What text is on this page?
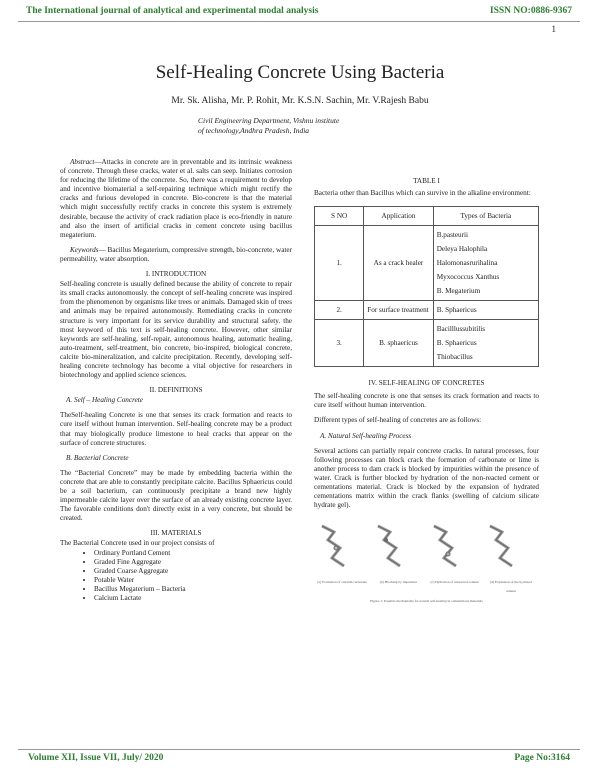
The International journal of analytical and experimental modal analysis	ISSN NO:0886-9367
1
Self-Healing Concrete Using Bacteria
Mr. Sk. Alisha, Mr. P. Rohit, Mr. K.S.N. Sachin, Mr. V.Rajesh Babu
Civil Engineering Department, Vishnu institute
of technology,Andhra Pradesh, India

Abstract—Attacks in concrete are in preventable and its intrinsic weakness of concrete. Through these cracks, water et al. salts can seep. Initiates corrosion for reducing the lifetime of the concrete. So, there was a requirement to develop and incentive biomaterial a self-repairing technique which might rectify the cracks and furious developed in concrete. Bio-concrete is that the material which might successfully rectify cracks in concrete this system is extremely desirable, because the activity of crack radiation place is eco-friendly in nature and also the insert of artificial cracks in cement concrete using bacillus megaterium.

Keywords— Bacillus Megaterium, compressive strength, bio-concrete, water permeability, water absorption.

I. INTRODUCTION

Self-healing concrete is usually defined because the ability of concrete to repair its small cracks autonomously. the concept of self-healing concrete was inspired from the phenomenon by organisms like trees or animals. Damaged skin of trees and animals may be repaired autonomously. Remediating cracks in concrete structure is very important for its service durability and structural safety. the most keyword of this text is self-healing concrete. However, other similar keywords are self-healing, self-repair, autonomous healing, automatic healing, auto-treatment, self-treatment, bio concrete, bio-inspired, biological concrete, calcite bio-mineralization, and calcite precipitation. Recently, developing self-healing concrete technology has become a vital objective for researchers in biotechnology and applied science sciences.

II. DEFINITIONS

A. Self – Healing Concrete

TheSelf-healing Concrete is one that senses its crack formation and reacts to cure itself without human intervention. Self-healing concrete may be a product that may biologically produce limestone to heal cracks that appear on the surface of concrete structures.

B. Bacterial Concrete

The “Bacterial Concrete” may be made by embedding bacteria within the concrete that are able to constantly precipitate calcite. Bacillus Sphaericus could be a soil bacterium, can continuously precipitate a brand new highly impermeable calcite layer over the surface of an already existing concrete layer. The favorable conditions don't directly exist in a very concrete, but should be created.

III. MATERIALS

The Bacterial Concrete used in our project consists of

• Ordinary Portland Cement
• Graded Fine Aggregate
• Graded Coarse Aggregate
• Potable Water
• Bacillus Megaterium – Bacteria
• Calcium Lactate

TABLE I

Bacteria other than Bacillus which can survive in the alkaline environment:

S NO	Application	Types of Bacteria
1.	As a crack healer	B.pasteurii
Deleya Halophila
Halomonasrurihalina
Myxococcus Xanthus
B. Megaterium

2.	For surface treatment	B. Sphaericus

3.	B. sphaericus	Bacilllussubitilis
B. Sphaericus
Thiobacillus

IV. SELF-HEALING OF CONCRETES

The self-healing concrete is one that senses its crack formation and reacts to cure itself without human intervention.

Different types of self-healing of concretes are as follows:

A. Natural Self-healing Process

Several actions can partially repair concrete cracks. In natural processes, four following processes can block crack the formation of carbonate or lime is another process to dam crack is blocked by impurities within the presence of water. Crack is further blocked by hydration of the non-reacted cement or cementations material. Crack is blocked by the expansion of hydrated cementations matrix within the crack flanks (swelling of calcium silicate hydrate gel).

(a) Formation of calcium carbonate	(b) Blocking by impurities	(c) Hydration of unreacted cement	(d) Expansion of the hydrated cement
Figure 1: Possible mechanisms for natural self-healing in cementitious materials
Volume XII, Issue VII, July/ 2020	Page No:3164
